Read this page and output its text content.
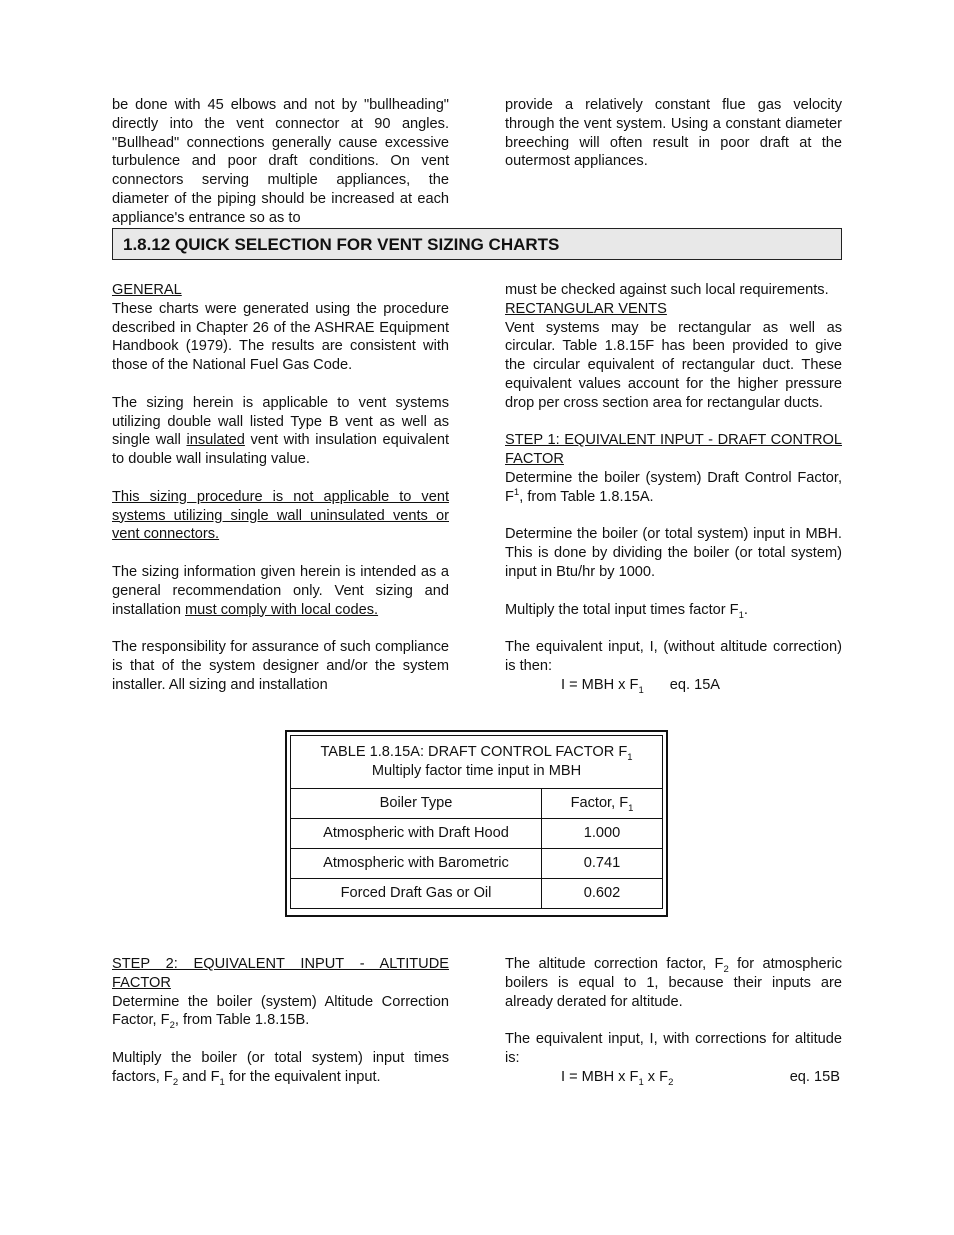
be done with 45 elbows and not by "bullheading" directly into the vent connector at 90 angles. "Bullhead" connections generally cause excessive turbulence and poor draft conditions. On vent connectors serving multiple appliances, the diameter of the piping should be increased at each appliance's entrance so as to

provide a relatively constant flue gas velocity through the vent system. Using a constant diameter breeching will often result in poor draft at the outermost appliances.

1.8.12 QUICK SELECTION FOR VENT SIZING CHARTS

GENERAL

These charts were generated using the procedure described in Chapter 26 of the ASHRAE Equipment Handbook (1979). The results are consistent with those of the National Fuel Gas Code.

The sizing herein is applicable to vent systems utilizing double wall listed Type B vent as well as single wall insulated vent with insulation equivalent to double wall insulating value.

This sizing procedure is not applicable to vent systems utilizing single wall uninsulated vents or vent connectors.

The sizing information given herein is intended as a general recommendation only. Vent sizing and installation must comply with local codes.

The responsibility for assurance of such compliance is that of the system designer and/or the system installer. All sizing and installation

must be checked against such local requirements.

RECTANGULAR VENTS

Vent systems may be rectangular as well as circular. Table 1.8.15F has been provided to give the circular equivalent of rectangular duct. These equivalent values account for the higher pressure drop per cross section area for rectangular ducts.

STEP 1: EQUIVALENT INPUT - DRAFT CONTROL FACTOR

Determine the boiler (system) Draft Control Factor, $F^1$, from Table 1.8.15A.

Determine the boiler (or total system) input in MBH. This is done by dividing the boiler (or total system) input in Btu/hr by 1000.

Multiply the total input times factor $F_1$.

The equivalent input, I, (without altitude correction) is then:

I = MBH x $F_1$ eq. 15A

TABLE 1.8.15A: DRAFT CONTROL FACTOR $F_1$
Multiply factor time input in MBH	
Boiler Type	Factor, $F_1$
Atmospheric with Draft Hood	1.000
Atmospheric with Barometric	0.741
Forced Draft Gas or Oil	0.602

STEP 2: EQUIVALENT INPUT - ALTITUDE FACTOR

Determine the boiler (system) Altitude Correction Factor, $F_2$, from Table 1.8.15B.

Multiply the boiler (or total system) input times factors, $F_2$ and $F_1$ for the equivalent input.

The altitude correction factor, $F_2$ for atmospheric boilers is equal to 1, because their inputs are already derated for altitude.

The equivalent input, I, with corrections for altitude is:

I = MBH x $F_1$ x $F_2$	eq. 15B
